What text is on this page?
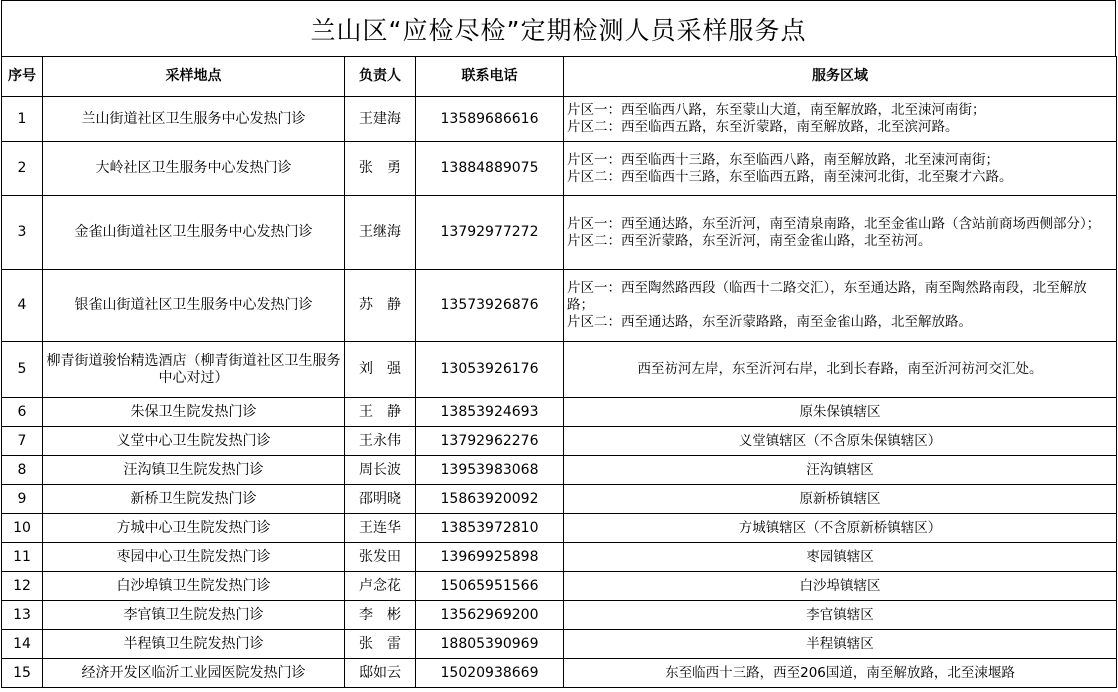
兰山区“应检尽检”定期检测人员采样服务点
序号	采样地点	负责人	联系电话	服务区域
1	兰山街道社区卫生服务中心发热门诊	王建海	13589686616	片区一：西至临西八路，东至蒙山大道，南至解放路，北至涑河南街；
片区二：西至临西五路，东至沂蒙路，南至解放路，北至滨河路。

2	大岭社区卫生服务中心发热门诊	张　勇	13884889075	片区一：西至临西十三路，东至临西八路，南至解放路，北至涑河南街；
片区二：西至临西十三路，东至临西五路，南至涑河北街，北至聚才六路。

3	金雀山街道社区卫生服务中心发热门诊	王继海	13792977272	片区一：西至通达路，东至沂河，南至清泉南路，北至金雀山路（含站前商场西侧部分）；
片区二：西至沂蒙路，东至沂河，南至金雀山路，北至祊河。

4	银雀山街道社区卫生服务中心发热门诊	苏　静	13573926876	片区一：西至陶然路西段（临西十二路交汇），东至通达路，南至陶然路南段，北至解放路；
片区二：西至通达路，东至沂蒙路路，南至金雀山路，北至解放路。

5	柳青街道骏怡精选酒店（柳青街道社区卫生服务中心对过）	刘　强	13053926176	西至祊河左岸，东至沂河右岸，北到长春路，南至沂河祊河交汇处。

6	朱保卫生院发热门诊	王　静	13853924693	原朱保镇辖区

7	义堂中心卫生院发热门诊	王永伟	13792962276	义堂镇辖区（不含原朱保镇辖区）

8	汪沟镇卫生院发热门诊	周长波	13953983068	汪沟镇辖区

9	新桥卫生院发热门诊	邵明晓	15863920092	原新桥镇辖区

10	方城中心卫生院发热门诊	王连华	13853972810	方城镇辖区（不含原新桥镇辖区）

11	枣园中心卫生院发热门诊	张发田	13969925898	枣园镇辖区

12	白沙埠镇卫生院发热门诊	卢念花	15065951566	白沙埠镇辖区

13	李官镇卫生院发热门诊	李　彬	13562969200	李官镇辖区

14	半程镇卫生院发热门诊	张　雷	18805390969	半程镇辖区

15	经济开发区临沂工业园医院发热门诊	邸如云	15020938669	东至临西十三路，西至206国道，南至解放路，北至涑堰路
